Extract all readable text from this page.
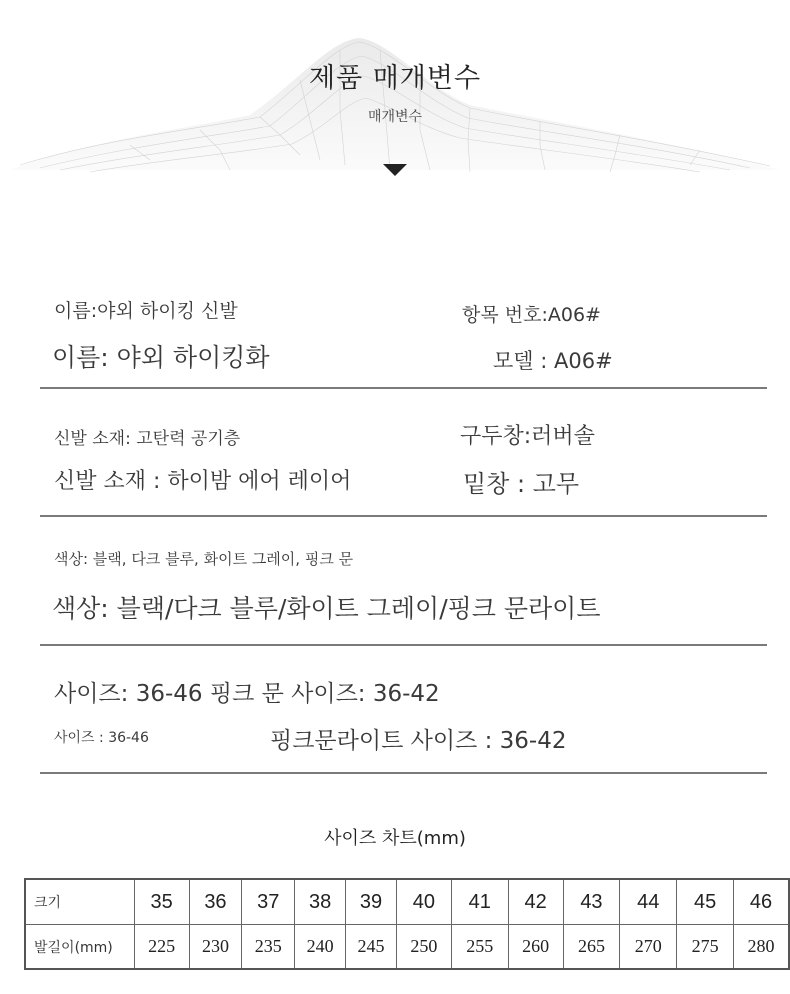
제품 매개변수
매개변수
이름:야외 하이킹 신발	항목 번호:A06#
이름: 야외 하이킹화	모델 : A06#
신발 소재: 고탄력 공기층	구두창:러버솔
신발 소재 : 하이밤 에어 레이어	밑창 : 고무
색상: 블랙, 다크 블루, 화이트 그레이, 핑크 문
색상: 블랙/다크 블루/화이트 그레이/핑크 문라이트
사이즈: 36-46 핑크 문 사이즈: 36-42
사이즈 : 36-46	핑크문라이트 사이즈 : 36-42
사이즈 차트(mm)
크기	35	36	37	38	39	40	41	42	43	44	45	46
발길이(mm)	225	230	235	240	245	250	255	260	265	270	275	280
